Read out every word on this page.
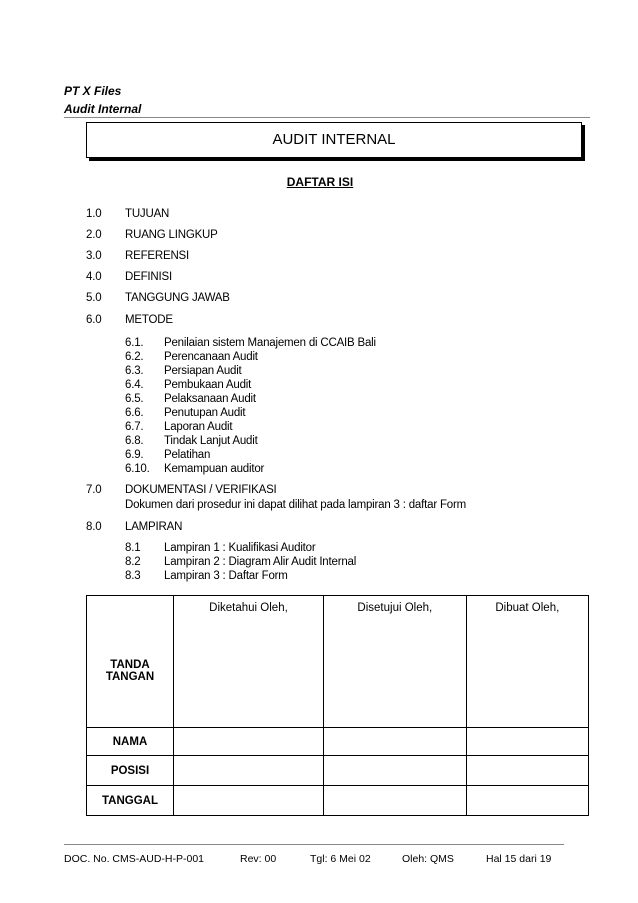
PT X Files
Audit Internal
AUDIT INTERNAL
DAFTAR ISI
1.0 TUJUAN
2.0 RUANG LINGKUP
3.0 REFERENSI
4.0 DEFINISI
5.0 TANGGUNG JAWAB
6.0 METODE
6.1. Penilaian sistem Manajemen di CCAIB Bali
6.2. Perencanaan Audit
6.3. Persiapan Audit
6.4. Pembukaan Audit
6.5. Pelaksanaan Audit
6.6. Penutupan Audit
6.7. Laporan Audit
6.8. Tindak Lanjut Audit
6.9. Pelatihan
6.10. Kemampuan auditor
7.0 DOKUMENTASI / VERIFIKASI
Dokumen dari prosedur ini dapat dilihat pada lampiran 3 : daftar Form
8.0 LAMPIRAN
8.1 Lampiran 1 : Kualifikasi Auditor
8.2 Lampiran 2 : Diagram Alir Audit Internal
8.3 Lampiran 3 : Daftar Form
TANDA TANGAN	Diketahui Oleh,	Disetujui Oleh,	Dibuat Oleh,
NAMA			
POSISI			
TANGGAL			
DOC. No. CMS-AUD-H-P-001	Rev: 00	Tgl: 6 Mei 02	Oleh: QMS	Hal 15 dari 19
